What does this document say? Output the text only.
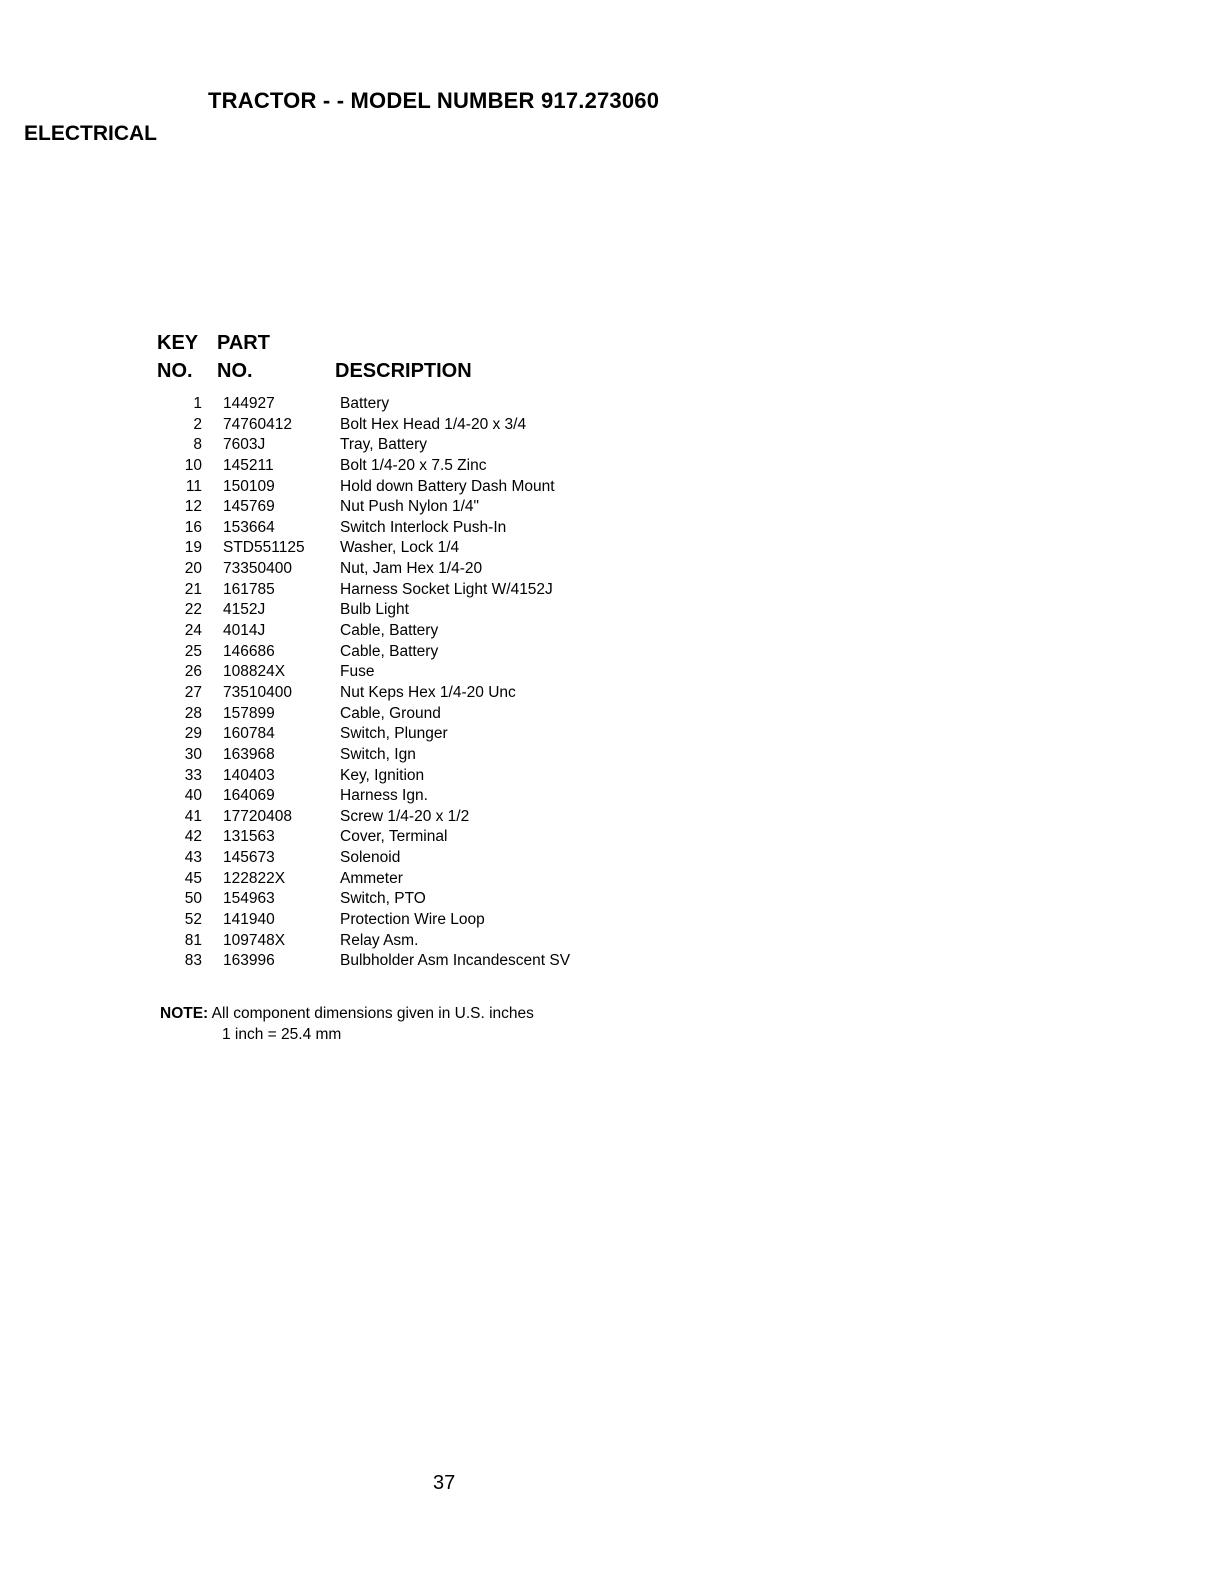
TRACTOR - - MODEL NUMBER 917.273060
ELECTRICAL
KEY PART
NO. NO.	DESCRIPTION
1 144927	Battery
2 74760412	Bolt Hex Head 1/4-20 x 3/4
8 7603J	Tray, Battery
10 145211	Bolt 1/4-20 x 7.5 Zinc
11 150109	Hold down Battery Dash Mount
12 145769	Nut Push Nylon 1/4"
16 153664	Switch Interlock Push-In
19 STD551125 Washer, Lock 1/4
20 73350400	Nut, Jam Hex 1/4-20
21 161785	Harness Socket Light W/4152J
22 4152J	Bulb Light
24 4014J	Cable, Battery
25 146686	Cable, Battery
26 108824X	Fuse
27 73510400	Nut Keps Hex 1/4-20 Unc
28 157899	Cable, Ground
29 160784	Switch, Plunger
30 163968	Switch, Ign
33 140403	Key, Ignition
40 164069	Harness Ign.
41 17720408	Screw 1/4-20 x 1/2
42 131563	Cover, Terminal
43 145673	Solenoid
45 122822X	Ammeter
50 154963	Switch, PTO
52 141940	Protection Wire Loop
81 109748X	Relay Asm.
83 163996	Bulbholder Asm Incandescent SV
NOTE: All component dimensions given in U.S. inches
1 inch = 25.4 mm
37
